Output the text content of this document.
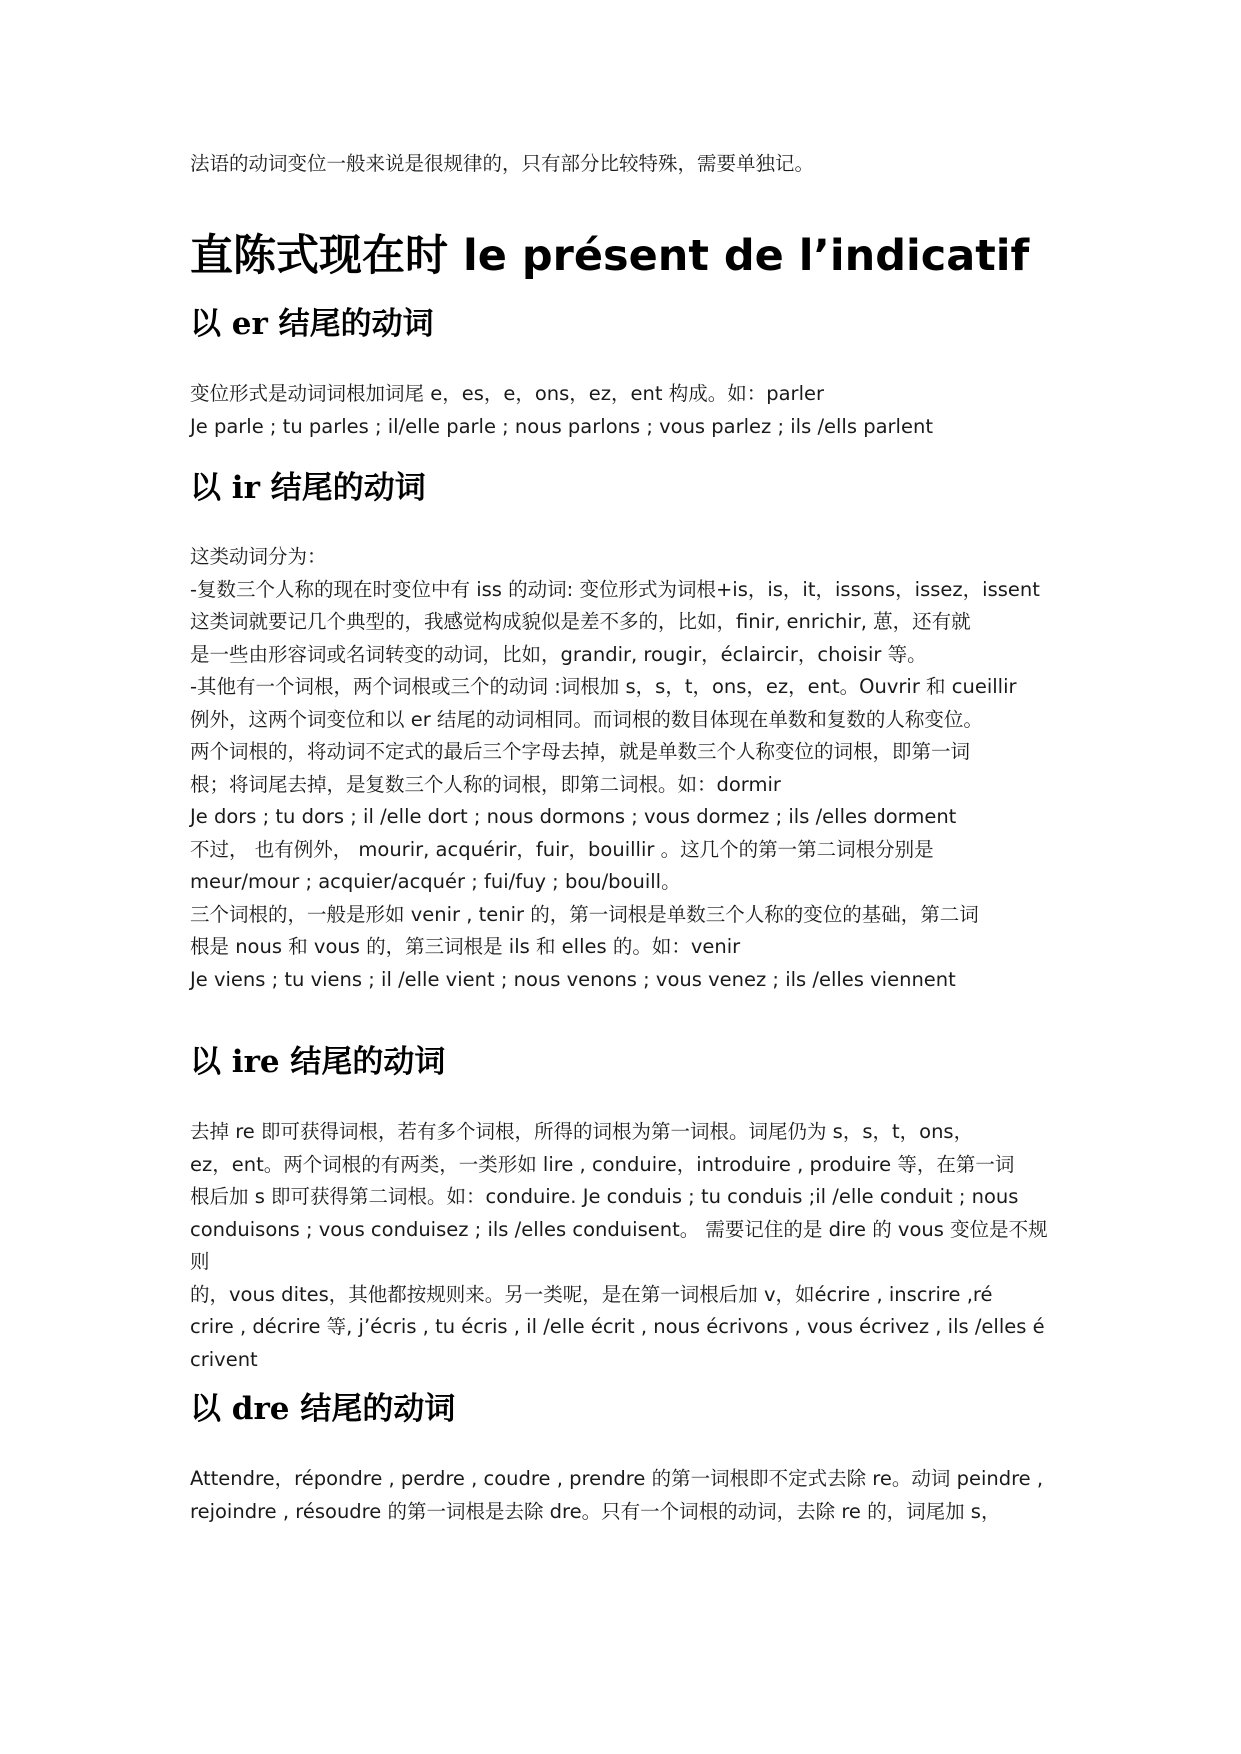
法语的动词变位一般来说是很规律的，只有部分比较特殊，需要单独记。

直陈式现在时 le présent de l’indicatif
以 er 结尾的动词

变位形式是动词词根加词尾 e，es，e，ons，ez，ent 构成。如：parler

Je parle ; tu parles ; il/elle parle ; nous parlons ; vous parlez ; ils /ells parlent

以 ir 结尾的动词

这类动词分为：

-复数三个人称的现在时变位中有 iss 的动词: 变位形式为词根+is，is，it，issons，issez，issent

这类词就要记几个典型的，我感觉构成貌似是差不多的，比如，finir, enrichir, 葸，还有就

是一些由形容词或名词转变的动词，比如，grandir, rougir，éclaircir，choisir 等。

-其他有一个词根，两个词根或三个的动词 :词根加 s，s，t，ons，ez，ent。Ouvrir 和 cueillir

例外，这两个词变位和以 er 结尾的动词相同。而词根的数目体现在单数和复数的人称变位。

两个词根的，将动词不定式的最后三个字母去掉，就是单数三个人称变位的词根，即第一词

根；将词尾去掉，是复数三个人称的词根，即第二词根。如：dormir

Je dors ; tu dors ; il /elle dort ; nous dormons ; vous dormez ; ils /elles dorment

不过， 也有例外， mourir, acquérir，fuir，bouillir 。这几个的第一第二词根分别是

meur/mour ; acquier/acquér ; fui/fuy ; bou/bouill。

三个词根的，一般是形如 venir , tenir 的，第一词根是单数三个人称的变位的基础，第二词

根是 nous 和 vous 的，第三词根是 ils 和 elles 的。如：venir

Je viens ; tu viens ; il /elle vient ; nous venons ; vous venez ; ils /elles viennent

以 ire 结尾的动词

去掉 re 即可获得词根，若有多个词根，所得的词根为第一词根。词尾仍为 s，s，t，ons，

ez，ent。两个词根的有两类，一类形如 lire , conduire，introduire , produire 等，在第一词

根后加 s 即可获得第二词根。如：conduire. Je conduis ; tu conduis ;il /elle conduit ; nous

conduisons ; vous conduisez ; ils /elles conduisent。 需要记住的是 dire 的 vous 变位是不规则

的，vous dites，其他都按规则来。另一类呢，是在第一词根后加 v，如écrire , inscrire ,ré

crire , décrire 等, j’écris , tu écris , il /elle écrit , nous écrivons , vous écrivez , ils /elles é

crivent

以 dre 结尾的动词

Attendre，répondre , perdre , coudre , prendre 的第一词根即不定式去除 re。动词 peindre ,

rejoindre , résoudre 的第一词根是去除 dre。只有一个词根的动词，去除 re 的，词尾加 s，
